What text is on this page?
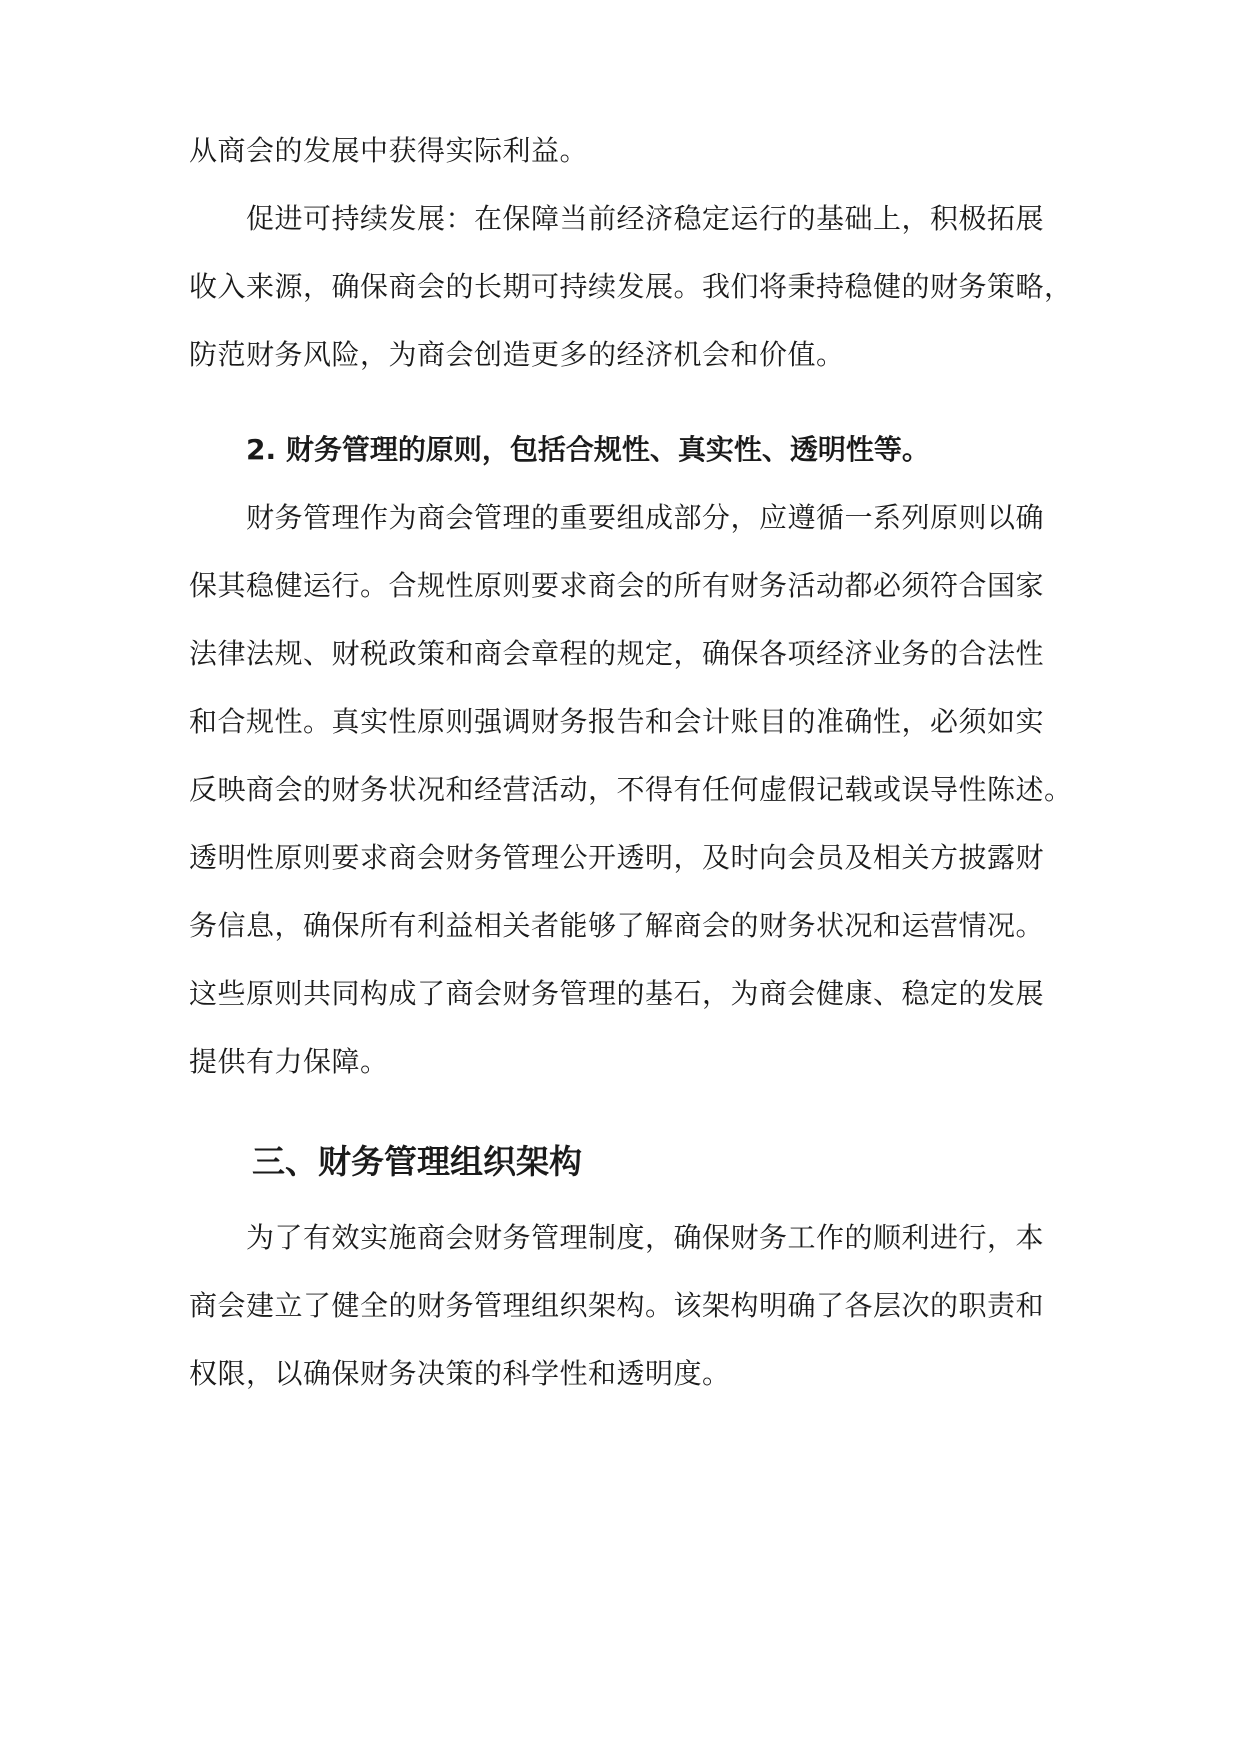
从商会的发展中获得实际利益。
促进可持续发展：在保障当前经济稳定运行的基础上，积极拓展
收入来源，确保商会的长期可持续发展。我们将秉持稳健的财务策略，
防范财务风险，为商会创造更多的经济机会和价值。
2. 财务管理的原则，包括合规性、真实性、透明性等。
财务管理作为商会管理的重要组成部分，应遵循一系列原则以确
保其稳健运行。合规性原则要求商会的所有财务活动都必须符合国家
法律法规、财税政策和商会章程的规定，确保各项经济业务的合法性
和合规性。真实性原则强调财务报告和会计账目的准确性，必须如实
反映商会的财务状况和经营活动，不得有任何虚假记载或误导性陈述。
透明性原则要求商会财务管理公开透明，及时向会员及相关方披露财
务信息，确保所有利益相关者能够了解商会的财务状况和运营情况。
这些原则共同构成了商会财务管理的基石，为商会健康、稳定的发展
提供有力保障。
三、财务管理组织架构
为了有效实施商会财务管理制度，确保财务工作的顺利进行，本
商会建立了健全的财务管理组织架构。该架构明确了各层次的职责和
权限，以确保财务决策的科学性和透明度。
